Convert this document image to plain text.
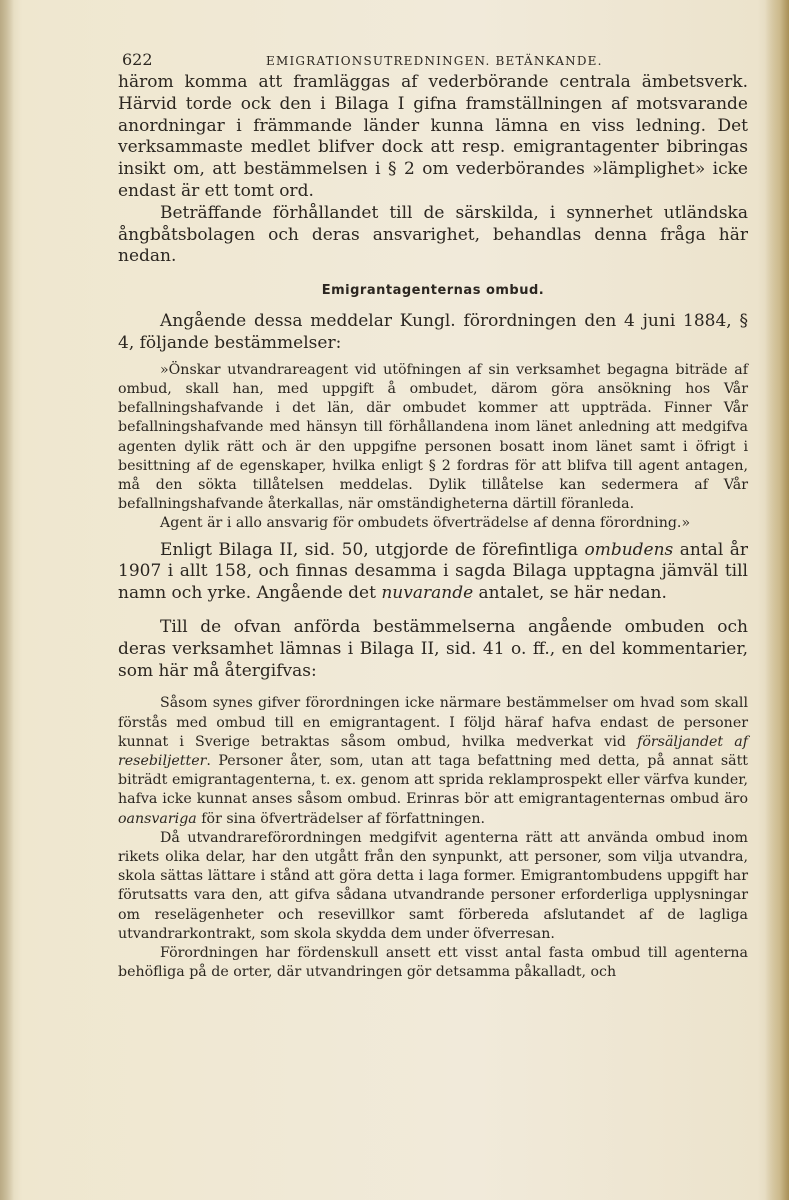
622	EMIGRATIONSUTREDNINGEN. BETÄNKANDE.

härom komma att framläggas af vederbörande centrala ämbetsverk. Härvid torde ock den i Bilaga I gifna framställningen af motsvarande anordningar i främmande länder kunna lämna en viss ledning. Det verksammaste medlet blifver dock att resp. emigrantagenter bibringas insikt om, att bestämmelsen i § 2 om vederbörandes »lämplighet» icke endast är ett tomt ord.

Beträffande förhållandet till de särskilda, i synnerhet utländska ångbåtsbolagen och deras ansvarighet, behandlas denna fråga här nedan.

Emigrantagenternas ombud.

Angående dessa meddelar Kungl. förordningen den 4 juni 1884, § 4, följande bestämmelser:

»Önskar utvandrareagent vid utöfningen af sin verksamhet begagna biträde af ombud, skall han, med uppgift å ombudet, därom göra ansökning hos Vår befallningshafvande i det län, där ombudet kommer att uppträda. Finner Vår befallningshafvande med hänsyn till förhållandena inom länet anledning att medgifva agenten dylik rätt och är den uppgifne personen bosatt inom länet samt i öfrigt i besittning af de egenskaper, hvilka enligt § 2 fordras för att blifva till agent antagen, må den sökta tillåtelsen meddelas. Dylik tillåtelse kan sedermera af Vår befallningshafvande återkallas, när omständigheterna därtill föranleda.

Agent är i allo ansvarig för ombudets öfverträdelse af denna förordning.»

Enligt Bilaga II, sid. 50, utgjorde de förefintliga ombudens antal år 1907 i allt 158, och finnas desamma i sagda Bilaga upptagna jämväl till namn och yrke. Angående det nuvarande antalet, se här nedan.

Till de ofvan anförda bestämmelserna angående ombuden och deras verksamhet lämnas i Bilaga II, sid. 41 o. ff., en del kommentarier, som här må återgifvas:

Såsom synes gifver förordningen icke närmare bestämmelser om hvad som skall förstås med ombud till en emigrantagent. I följd häraf hafva endast de personer kunnat i Sverige betraktas såsom ombud, hvilka medverkat vid försäljandet af resebiljetter. Personer åter, som, utan att taga befattning med detta, på annat sätt biträdt emigrantagenterna, t. ex. genom att sprida reklamprospekt eller värfva kunder, hafva icke kunnat anses såsom ombud. Erinras bör att emigrantagenternas ombud äro oansvariga för sina öfverträdelser af författningen.

Då utvandrareförordningen medgifvit agenterna rätt att använda ombud inom rikets olika delar, har den utgått från den synpunkt, att personer, som vilja utvandra, skola sättas lättare i stånd att göra detta i laga former. Emigrantombudens uppgift har förutsatts vara den, att gifva sådana utvandrande personer erforderliga upplysningar om reselägenheter och resevillkor samt förbereda afslutandet af de lagliga utvandrarkontrakt, som skola skydda dem under öfverresan.

Förordningen har fördenskull ansett ett visst antal fasta ombud till agenterna behöfliga på de orter, där utvandringen gör detsamma påkalladt, och
